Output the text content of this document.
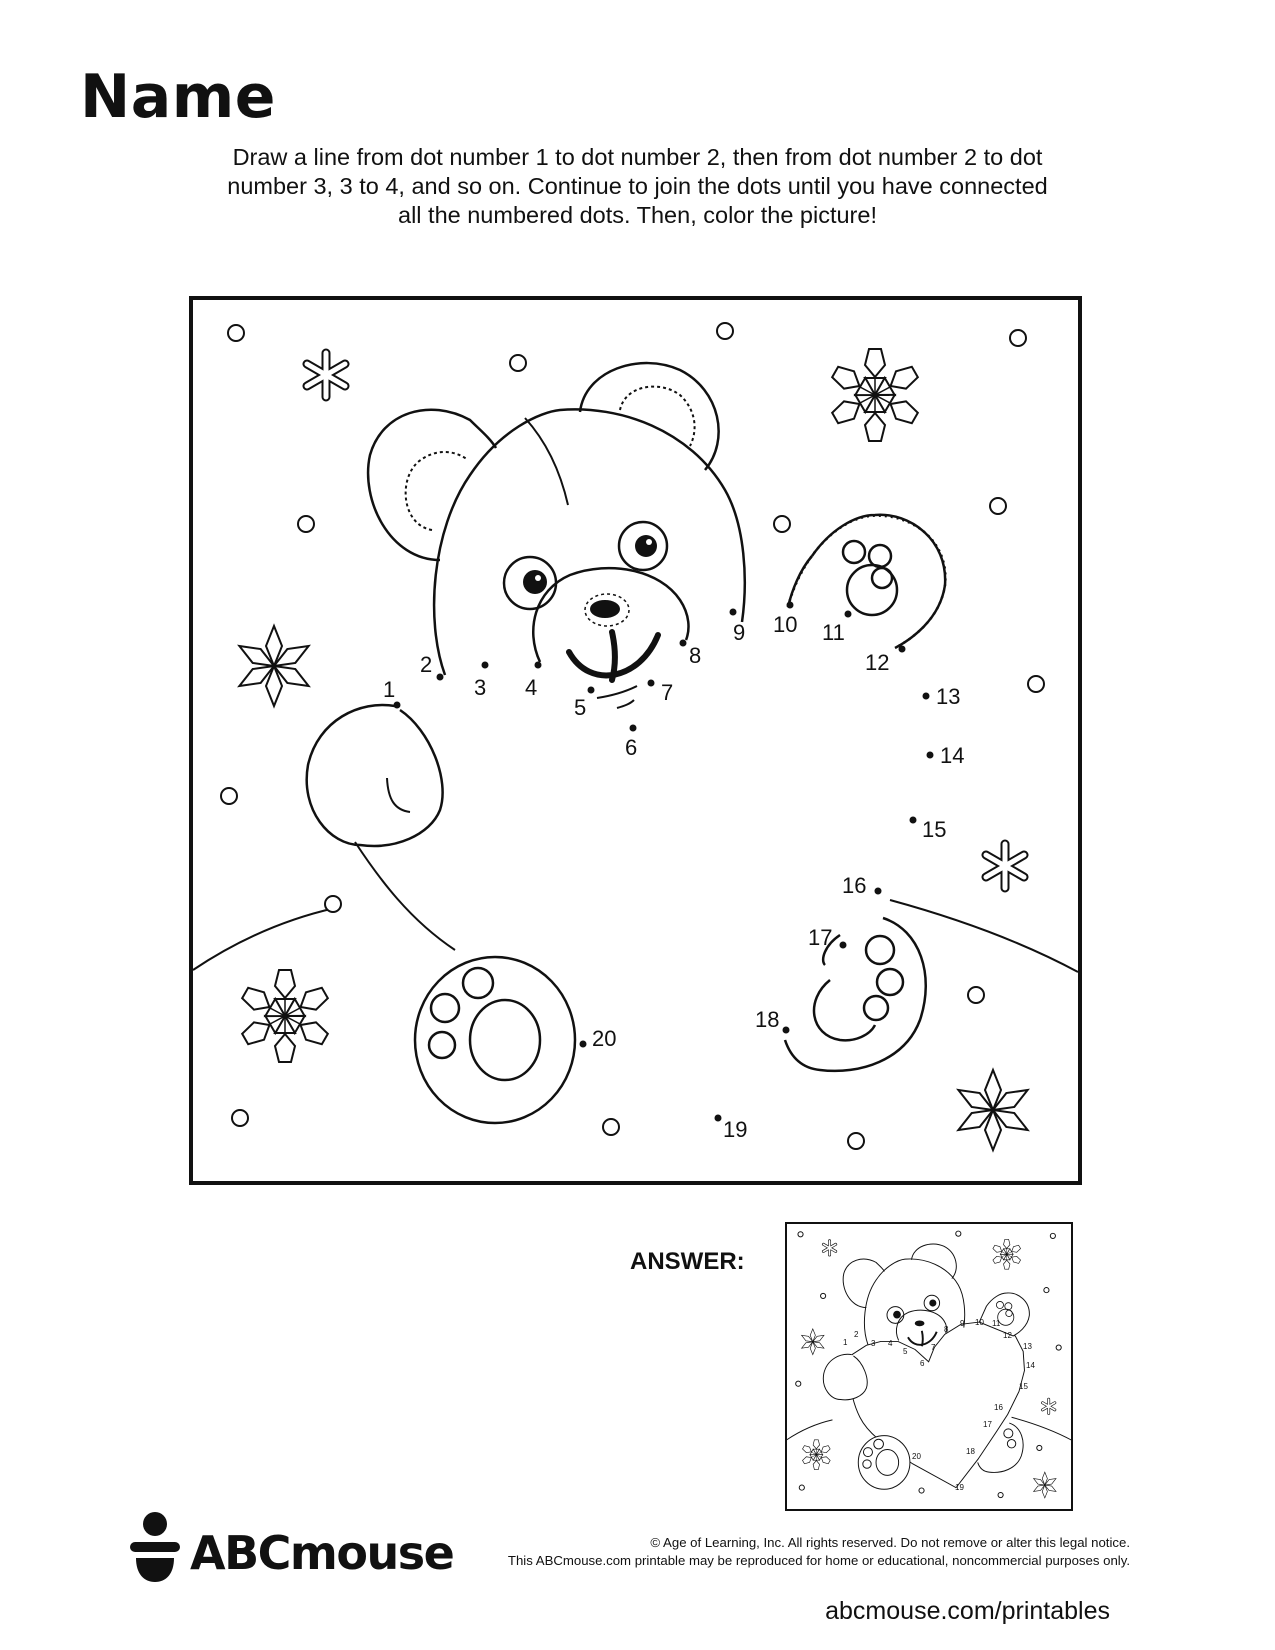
Name

Draw a line from dot number 1 to dot number 2, then from dot number 2 to dot
number 3, 3 to 4, and so on. Continue to join the dots until you have connected
all the numbered dots. Then, color the picture!

1
2
3 4
5
6
7
8
9 10 11
12
13
14
15
16
17
18
19
20
1
2
3 4
5
6
7
8
9 10 11
12
13
14
15
16
17
18
19
20
ANSWER:
ABCmouse	© Age of Learning, Inc. All rights reserved. Do not remove or alter this legal notice.
This ABCmouse.com printable may be reproduced for home or educational, noncommercial purposes only.
abcmouse.com/printables
